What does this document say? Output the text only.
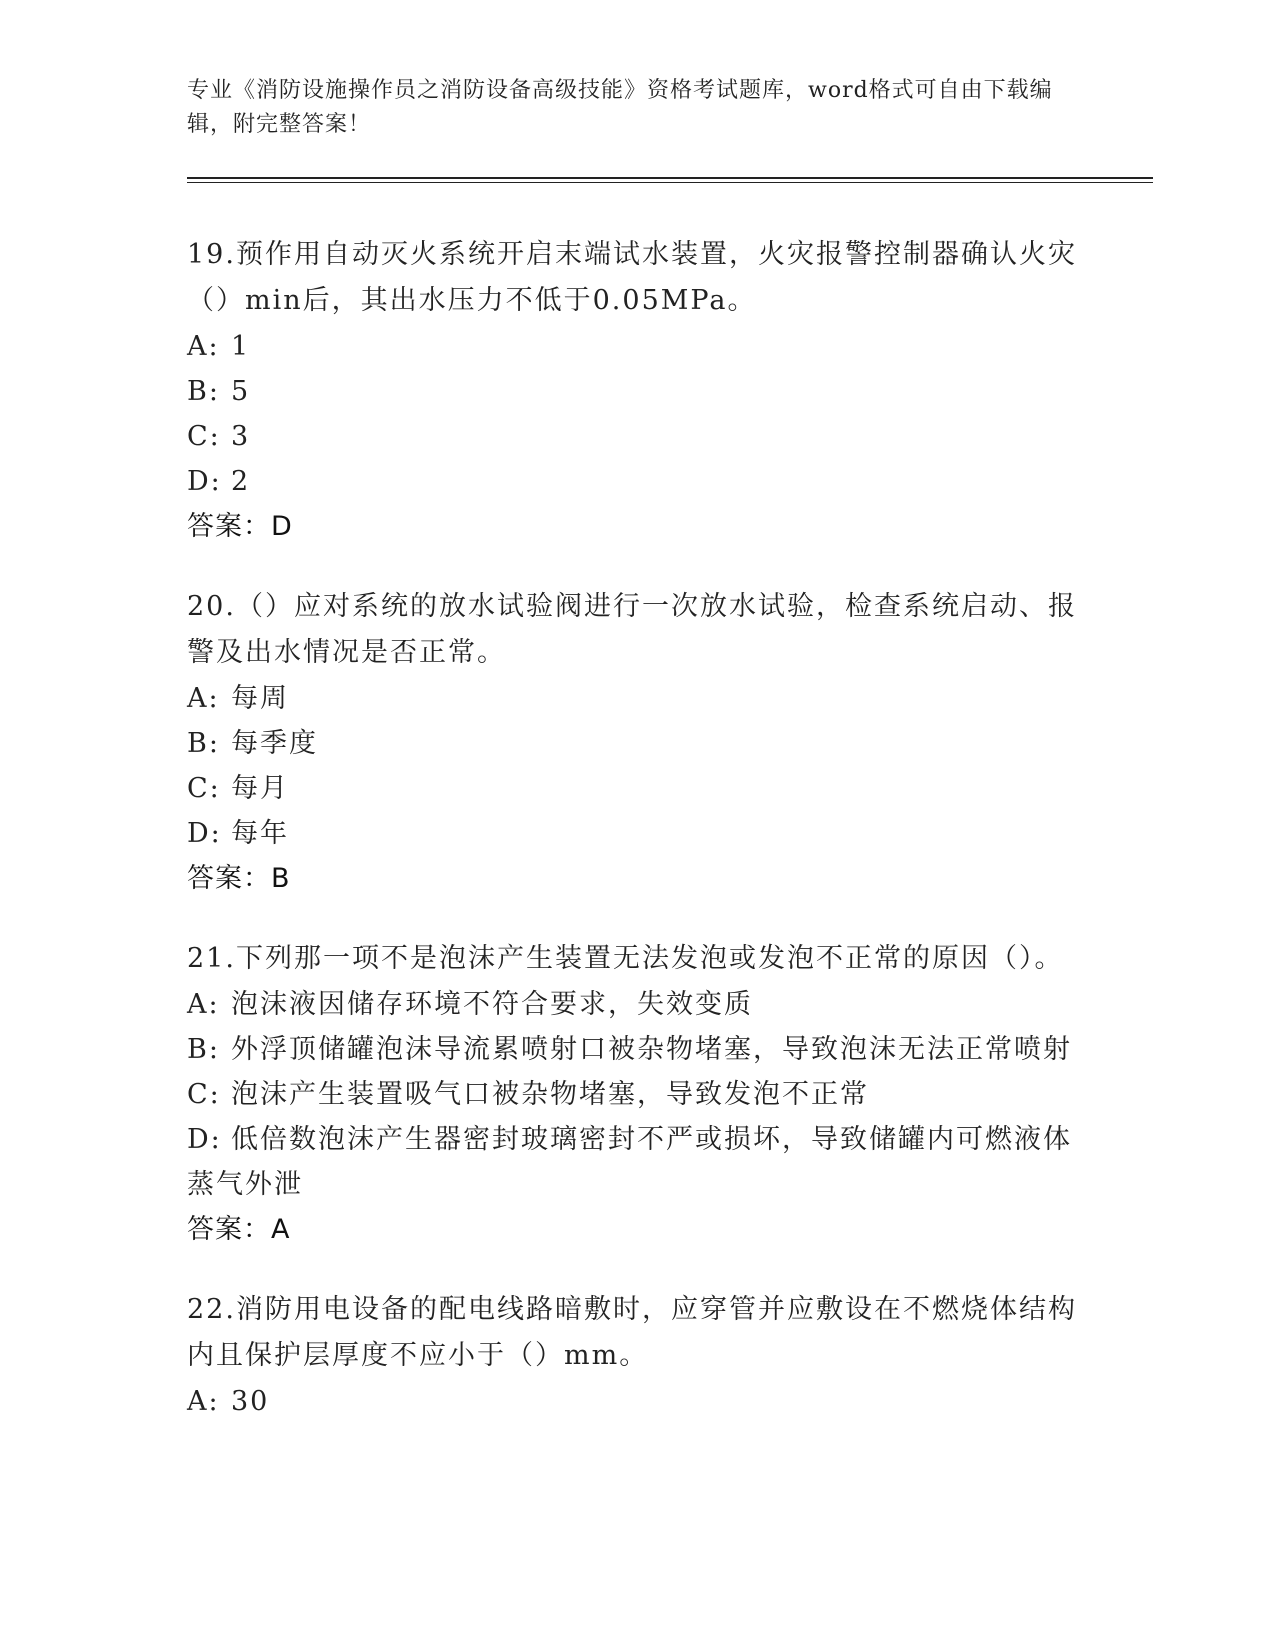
专业《消防设施操作员之消防设备高级技能》资格考试题库，word格式可自由下载编辑，附完整答案！
19.预作用自动灭火系统开启末端试水装置，火灾报警控制器确认火灾（）min后，其出水压力不低于0.05MPa。
A: 1
B: 5
C: 3
D: 2
答案：D
20.（）应对系统的放水试验阀进行一次放水试验，检查系统启动、报警及出水情况是否正常。
A: 每周
B: 每季度
C: 每月
D: 每年
答案：B
21.下列那一项不是泡沫产生装置无法发泡或发泡不正常的原因（）。
A: 泡沫液因储存环境不符合要求，失效变质
B: 外浮顶储罐泡沫导流累喷射口被杂物堵塞，导致泡沫无法正常喷射
C: 泡沫产生装置吸气口被杂物堵塞，导致发泡不正常
D: 低倍数泡沫产生器密封玻璃密封不严或损坏，导致储罐内可燃液体蒸气外泄
答案：A
22.消防用电设备的配电线路暗敷时，应穿管并应敷设在不燃烧体结构内且保护层厚度不应小于（）mm。
A: 30
